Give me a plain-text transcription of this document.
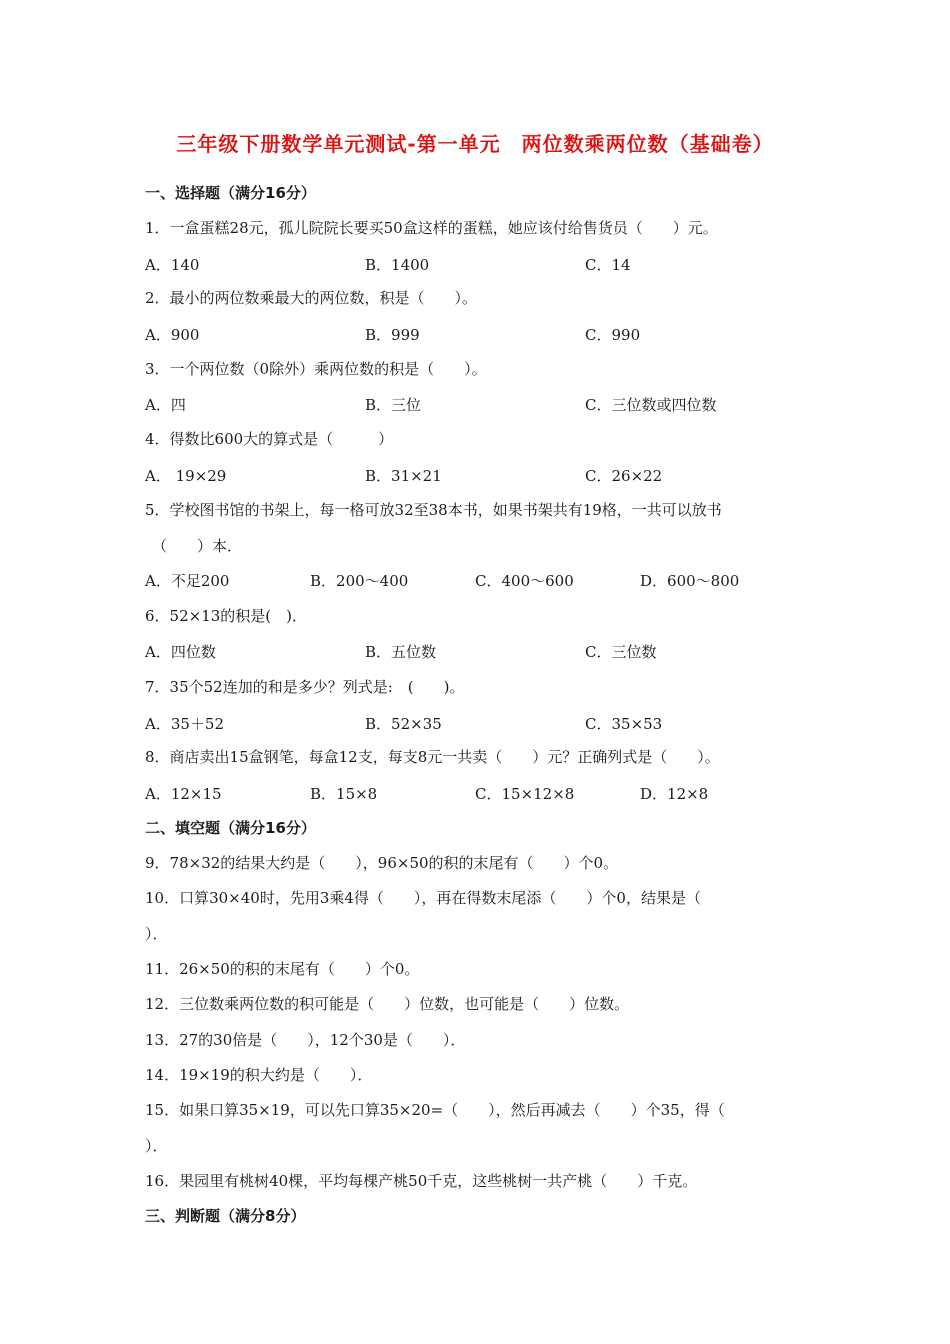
三年级下册数学单元测试-第一单元　两位数乘两位数（基础卷）
一、选择题（满分16分）
1．一盒蛋糕28元，孤儿院院长要买50盒这样的蛋糕，她应该付给售货员（　　）元。
A．140	B．1400	C．14
2．最小的两位数乘最大的两位数，积是（　　）。
A．900	B．999	C．990
3．一个两位数（0除外）乘两位数的积是（　　）。
A．四	B．三位	C．三位数或四位数
4．得数比600大的算式是（　　　）
A． 19×29	B．31×21	C．26×22
5．学校图书馆的书架上，每一格可放32至38本书，如果书架共有19格，一共可以放书
（　　）本．
A．不足200	B．200～400	C．400～600	D．600～800
6．52×13的积是(　)．
A．四位数	B．五位数	C．三位数
7．35个52连加的和是多少？列式是:　(　　)。
A．35＋52	B．52×35	C．35×53
8．商店卖出15盒钢笔，每盒12支，每支8元一共卖（　　）元？正确列式是（　　）。
A．12×15	B．15×8	C．15×12×8	D．12×8
二、填空题（满分16分）
9．78×32的结果大约是（　　），96×50的积的末尾有（　　）个0。
10．口算30×40时，先用3乘4得（　　），再在得数末尾添（　　）个0，结果是（
）．
11．26×50的积的末尾有（　　）个0。
12．三位数乘两位数的积可能是（　　）位数，也可能是（　　）位数。
13．27的30倍是（　　），12个30是（　　）．
14．19×19的积大约是（　　）．
15．如果口算35×19，可以先口算35×20=（　　），然后再减去（　　）个35，得（
）．
16．果园里有桃树40棵，平均每棵产桃50千克，这些桃树一共产桃（　　）千克。
三、判断题（满分8分）
